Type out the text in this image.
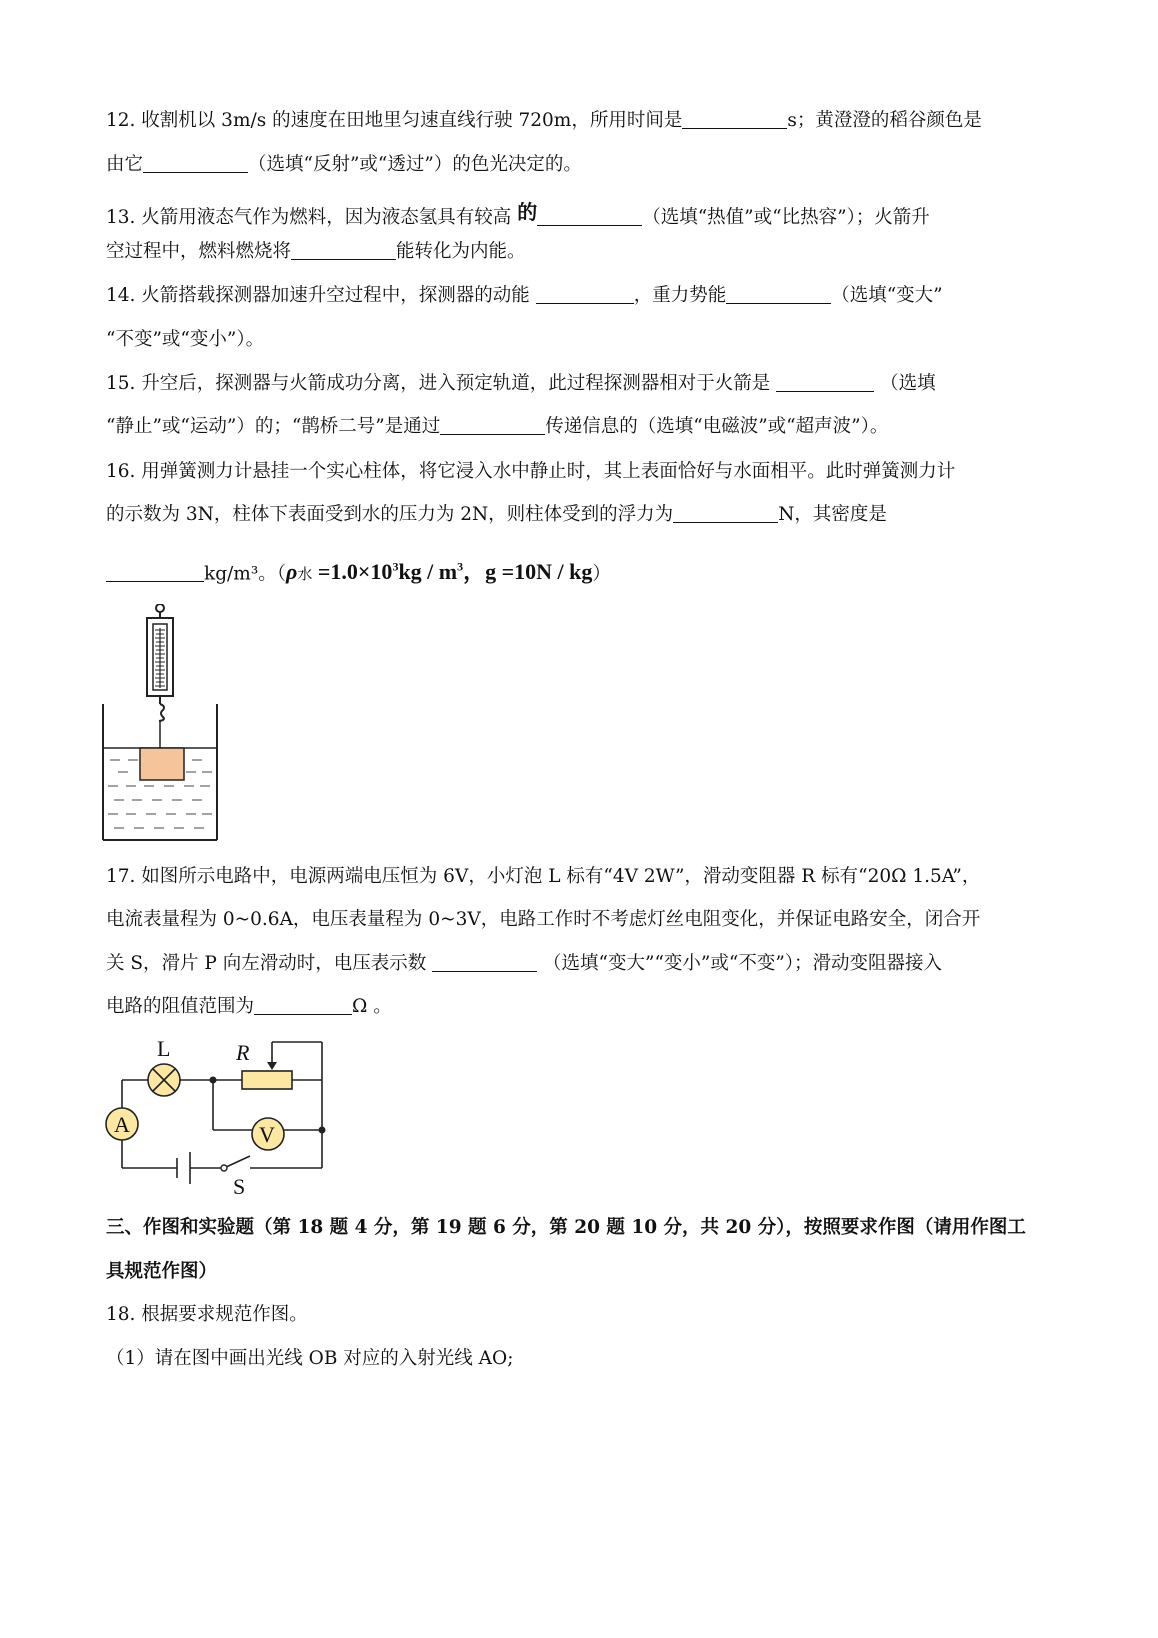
12. 收割机以 3m/s 的速度在田地里匀速直线行驶 720m，所用时间是	s；黄澄澄的稻谷颜色是
由它	（选填“反射”或“透过”）的色光决定的。
13. 火箭用液态气作为燃料，因为液态氢具有较高 的	（选填“热值”或“比热容”）；火箭升
空过程中，燃料燃烧将	能转化为内能。
14. 火箭搭载探测器加速升空过程中，探测器的动能	，重力势能	（选填“变大”
“不变”或“变小”）。
15. 升空后，探测器与火箭成功分离，进入预定轨道，此过程探测器相对于火箭是	（选填
“静止”或“运动”）的；“鹊桥二号”是通过	传递信息的（选填“电磁波”或“超声波”）。
16. 用弹簧测力计悬挂一个实心柱体，将它浸入水中静止时，其上表面恰好与水面相平。此时弹簧测力计
的示数为 3N，柱体下表面受到水的压力为 2N，则柱体受到的浮力为	N，其密度是
kg/m³。（ρ水 $=1.0\times 10^3kg / m^3$，g =10N / kg）
17. 如图所示电路中，电源两端电压恒为 6V，小灯泡 L 标有“4V 2W”，滑动变阻器 R 标有“20Ω 1.5A”，
电流表量程为 0~0.6A，电压表量程为 0~3V，电路工作时不考虑灯丝电阻变化，并保证电路安全，闭合开
关 S，滑片 P 向左滑动时，电压表示数	（选填“变大”“变小”或“不变”）；滑动变阻器接入
电路的阻值范围为	Ω 。
L	R
A	V
S
三、作图和实验题（第 18 题 4 分，第 19 题 6 分，第 20 题 10 分，共 20 分），按照要求作图（请用作图工
具规范作图）
18. 根据要求规范作图。
（1）请在图中画出光线 OB 对应的入射光线 AO;
